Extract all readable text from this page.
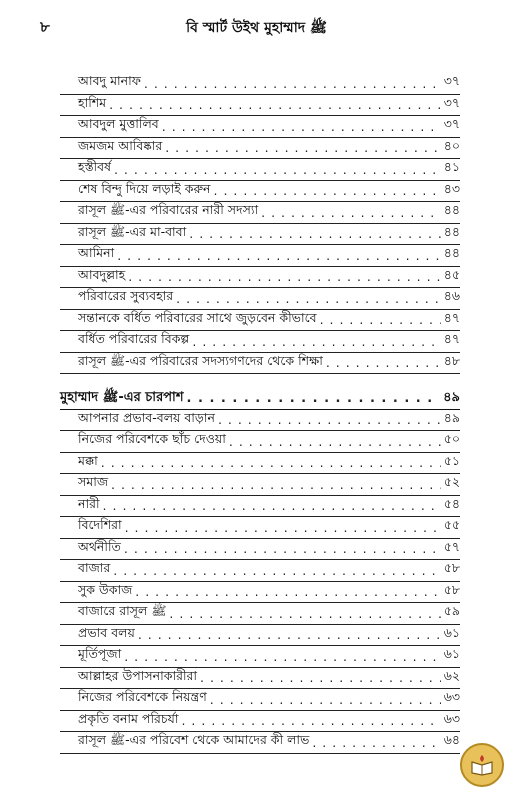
৮	বি স্মার্ট উইথ মুহাম্মাদ ﷺ
আবদু মানাফ . . .	৩৭
হাশিম . . .	৩৭
আবদুল মুত্তালিব . . .	৩৭
জমজম আবিষ্কার . . .	৪০
হস্তীবর্ষ . . .	৪১
শেষ বিন্দু দিয়ে লড়াই করুন . . .	৪৩
রাসূল ﷺ-এর পরিবারের নারী সদস্যা . . .	৪৪
রাসূল ﷺ-এর মা-বাবা . . .	৪৪
আমিনা . . .	৪৪
আবদুল্লাহ . . .	৪৫
পরিবারের সুব্যবহার . . .	৪৬
সন্তানকে বর্ধিত পরিবারের সাথে জুড়বেন কীভাবে . . .	৪৭
বর্ধিত পরিবারের বিকল্প . . .	৪৭
রাসূল ﷺ-এর পরিবারের সদস্যগণদের থেকে শিক্ষা . . .	৪৮
মুহাম্মাদ ﷺ-এর চারপাশ . . .	৪৯
আপনার প্রভাব-বলয় বাড়ান . . .	৪৯
নিজের পরিবেশকে ছাঁচ দেওয়া . . .	৫০
মক্কা . . .	৫১
সমাজ . . .	৫২
নারী . . .	৫৪
বিদেশিরা . . .	৫৫
অর্থনীতি . . .	৫৭
বাজার . . .	৫৮
সুক উকাজ . . .	৫৮
বাজারে রাসূল ﷺ . . .	৫৯
প্রভাব বলয় . . .	৬১
মূর্তিপূজা . . .	৬১
আল্লাহর উপাসনাকারীরা . . .	৬২
নিজের পরিবেশকে নিয়ন্ত্রণ . . .	৬৩
প্রকৃতি বনাম পরিচর্যা . . .	৬৩
রাসূল ﷺ-এর পরিবেশ থেকে আমাদের কী লাভ . . .	৬৪
